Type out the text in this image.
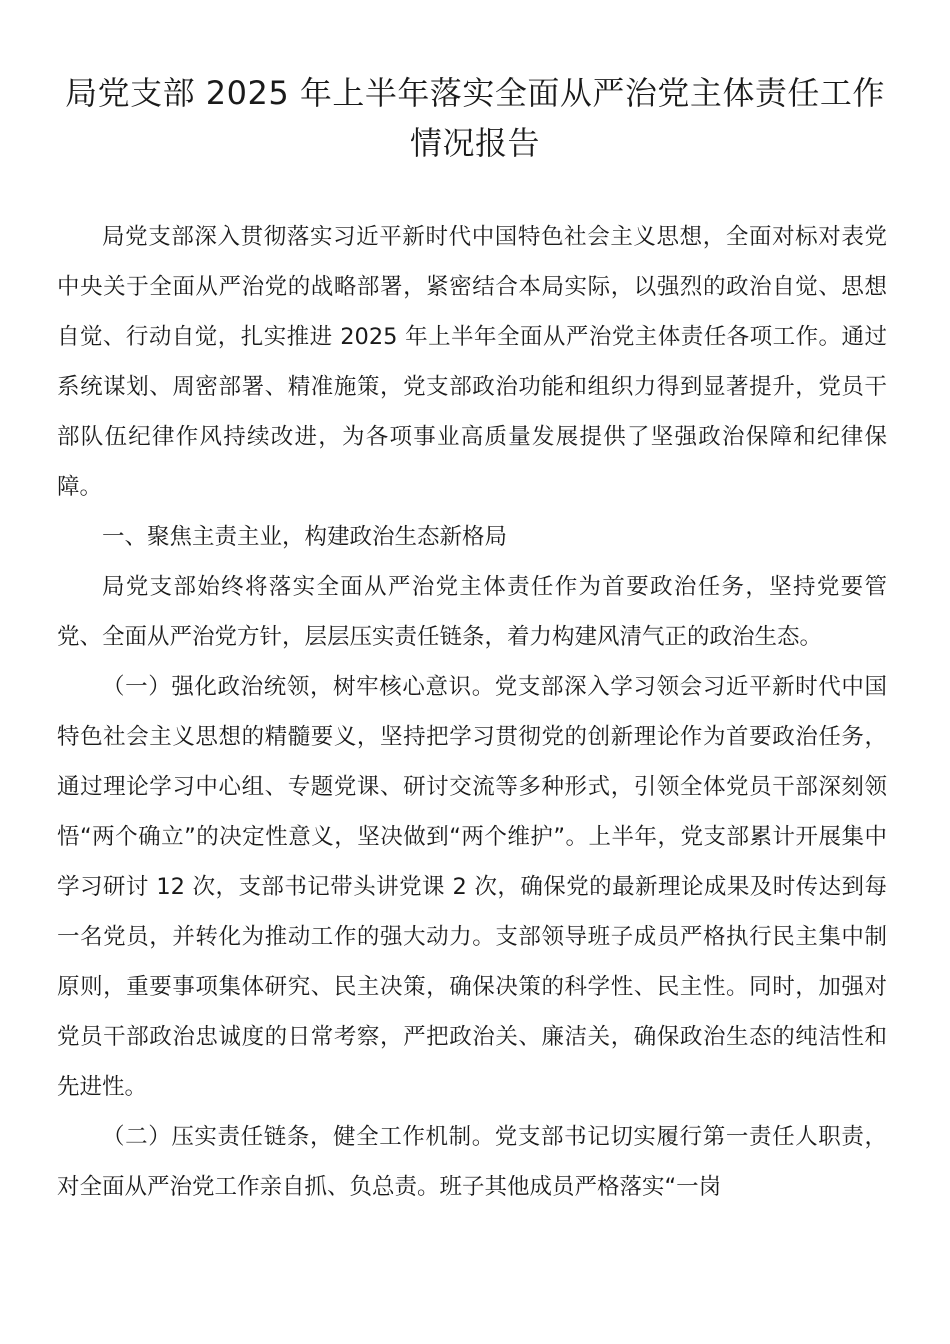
局党支部 2025 年上半年落实全面从严治党主体责任工作情况报告

局党支部深入贯彻落实习近平新时代中国特色社会主义思想，全面对标对表党中央关于全面从严治党的战略部署，紧密结合本局实际，以强烈的政治自觉、思想自觉、行动自觉，扎实推进 2025 年上半年全面从严治党主体责任各项工作。通过系统谋划、周密部署、精准施策，党支部政治功能和组织力得到显著提升，党员干部队伍纪律作风持续改进，为各项事业高质量发展提供了坚强政治保障和纪律保障。

一、聚焦主责主业，构建政治生态新格局

局党支部始终将落实全面从严治党主体责任作为首要政治任务，坚持党要管党、全面从严治党方针，层层压实责任链条，着力构建风清气正的政治生态。

（一）强化政治统领，树牢核心意识。党支部深入学习领会习近平新时代中国特色社会主义思想的精髓要义，坚持把学习贯彻党的创新理论作为首要政治任务，通过理论学习中心组、专题党课、研讨交流等多种形式，引领全体党员干部深刻领悟“两个确立”的决定性意义，坚决做到“两个维护”。上半年，党支部累计开展集中学习研讨 12 次，支部书记带头讲党课 2 次，确保党的最新理论成果及时传达到每一名党员，并转化为推动工作的强大动力。支部领导班子成员严格执行民主集中制原则，重要事项集体研究、民主决策，确保决策的科学性、民主性。同时，加强对党员干部政治忠诚度的日常考察，严把政治关、廉洁关，确保政治生态的纯洁性和先进性。

（二）压实责任链条，健全工作机制。党支部书记切实履行第一责任人职责，对全面从严治党工作亲自抓、负总责。班子其他成员严格落实“一岗
